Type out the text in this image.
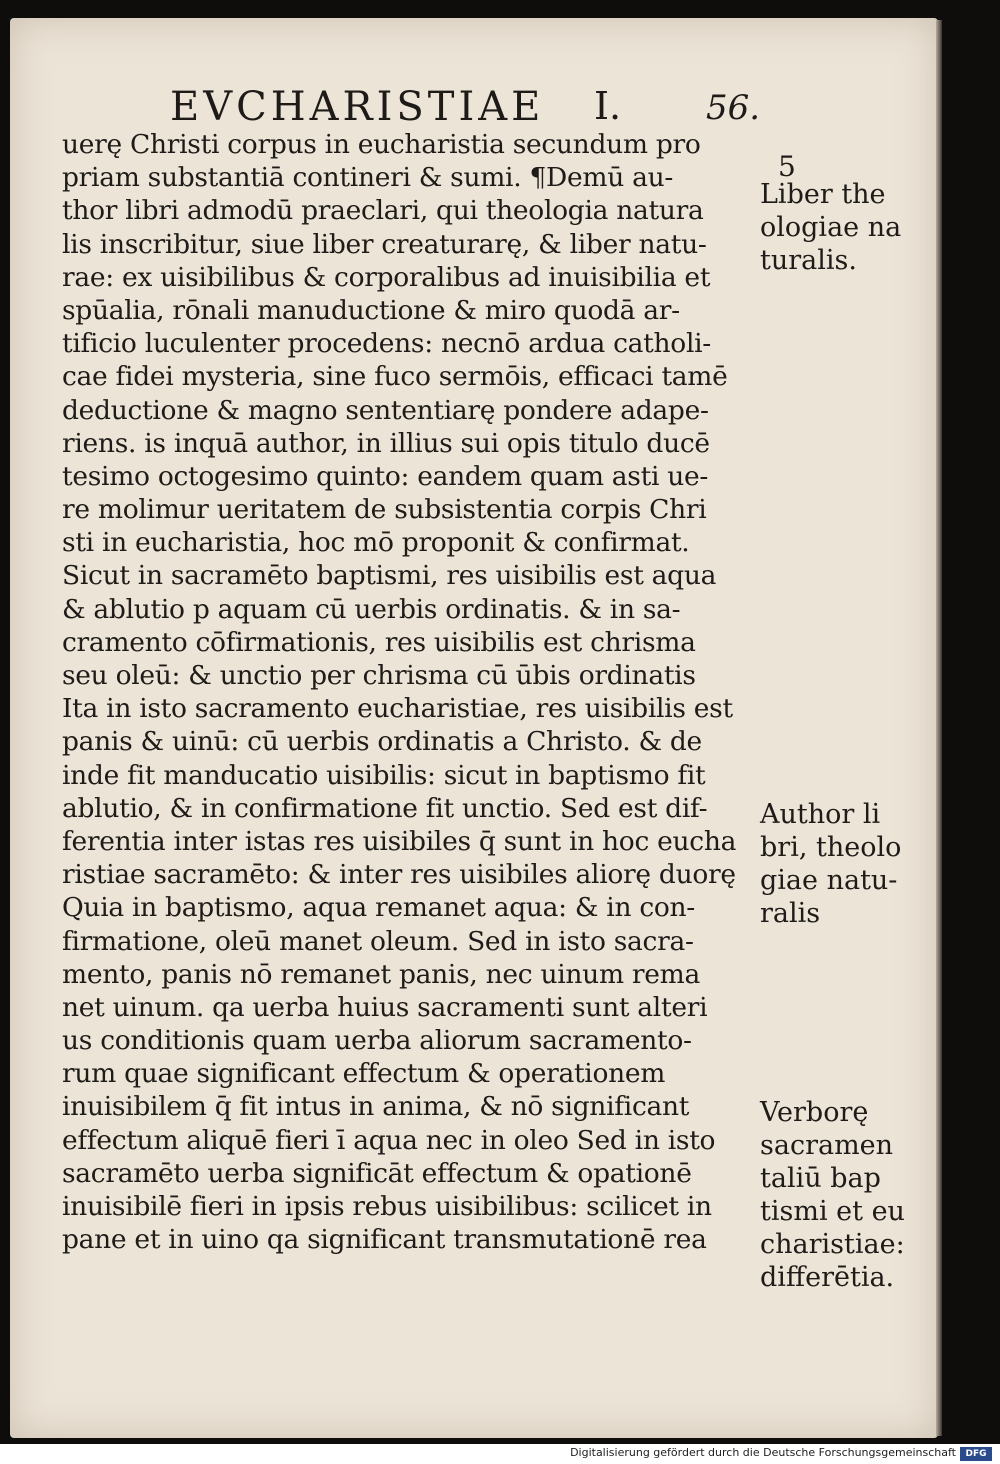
EVCHARISTIAE I. 56.
5
uerę Christi corpus in eucharistia secundum pro
priam substantiā contineri & sumi. ¶Demū au-
thor libri admodū praeclari, qui theologia natura
lis inscribitur, siue liber creaturarę, & liber natu-
rae: ex uisibilibus & corporalibus ad inuisibilia et
spūalia, rōnali manuductione & miro quodā ar-
tificio luculenter procedens: necnō ardua catholi-
cae fidei mysteria, sine fuco sermōis, efficaci tamē
deductione & magno sententiarę pondere adape-
riens. is inquā author, in illius sui opis titulo ducē
tesimo octogesimo quinto: eandem quam asti ue-
re molimur ueritatem de subsistentia corpis Chri
sti in eucharistia, hoc mō proponit & confirmat.
Sicut in sacramēto baptismi, res uisibilis est aqua
& ablutio p aquam cū uerbis ordinatis. & in sa-
cramento cōfirmationis, res uisibilis est chrisma
seu oleū: & unctio per chrisma cū ūbis ordinatis
Ita in isto sacramento eucharistiae, res uisibilis est
panis & uinū: cū uerbis ordinatis a Christo. & de
inde fit manducatio uisibilis: sicut in baptismo fit
ablutio, & in confirmatione fit unctio. Sed est dif-
ferentia inter istas res uisibiles q̄ sunt in hoc eucha
ristiae sacramēto: & inter res uisibiles aliorę duorę
Quia in baptismo, aqua remanet aqua: & in con-
firmatione, oleū manet oleum. Sed in isto sacra-
mento, panis nō remanet panis, nec uinum rema
net uinum. qa uerba huius sacramenti sunt alteri
us conditionis quam uerba aliorum sacramento-
rum quae significant effectum & operationem
inuisibilem q̄ fit intus in anima, & nō significant
effectum aliquē fieri ī aqua nec in oleo Sed in isto
sacramēto uerba significāt effectum & opationē
inuisibilē fieri in ipsis rebus uisibilibus: scilicet in
pane et in uino qa significant transmutationē rea
Liber the
ologiae na
turalis.
Author li
bri, theolo
giae natu-
ralis
Verborę
sacramen
taliū bap
tismi et eu
charistiae:
differētia.
Digitalisierung gefördert durch die Deutsche Forschungsgemeinschaft	DFG
